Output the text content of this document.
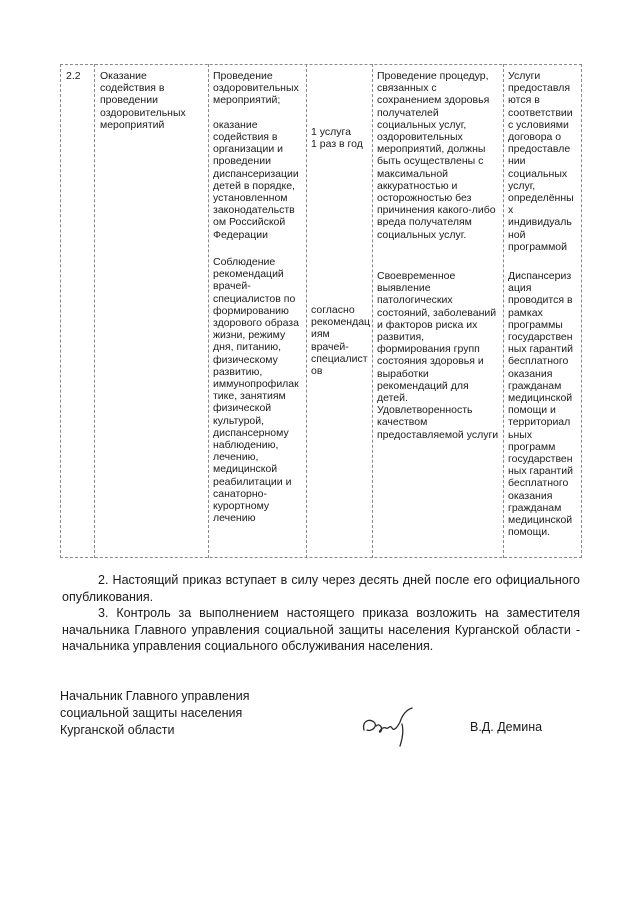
2.2 Оказание
содействия в
проведении
оздоровительных
мероприятий
Проведение
оздоровительных
мероприятий;

оказание
содействия в
организации и
проведении
диспансеризации
детей в порядке,
установленном
законодательств
ом Российской
Федерации
Соблюдение
рекомендаций
врачей-
специалистов по
формированию
здорового образа
жизни, режиму
дня, питанию,
физическому
развитию,
иммунопрофилак
тике, занятиям
физической
культурой,
диспансерному
наблюдению,
лечению,
медицинской
реабилитации и
санаторно-
курортному
лечению
1 услуга
1 раз в год
согласно
рекомендац
иям
врачей-
специалист
ов
Проведение процедур,
связанных с
сохранением здоровья
получателей
социальных услуг,
оздоровительных
мероприятий, должны
быть осуществлены с
максимальной
аккуратностью и
осторожностью без
причинения какого-либо
вреда получателям
социальных услуг.
Своевременное
выявление
патологических
состояний, заболеваний
и факторов риска их
развития,
формирования групп
состояния здоровья и
выработки
рекомендаций для
детей.
Удовлетворенность
качеством
предоставляемой услуги
Услуги
предоставля
ются в
соответствии
с условиями
договора о
предоставле
нии
социальных
услуг,
определённы
х
индивидуаль
ной
программой
Диспансериз
ация
проводится в
рамках
программы
государствен
ных гарантий
бесплатного
оказания
гражданам
медицинской
помощи и
территориал
ьных
программ
государствен
ных гарантий
бесплатного
оказания
гражданам
медицинской
помощи.
2. Настоящий приказ вступает в силу через десять дней после его официального опубликования.
3. Контроль за выполнением настоящего приказа возложить на заместителя начальника Главного управления социальной защиты населения Курганской области - начальника управления социального обслуживания населения.
Начальник Главного управления
социальной защиты населения
Курганской области	В.Д. Демина
